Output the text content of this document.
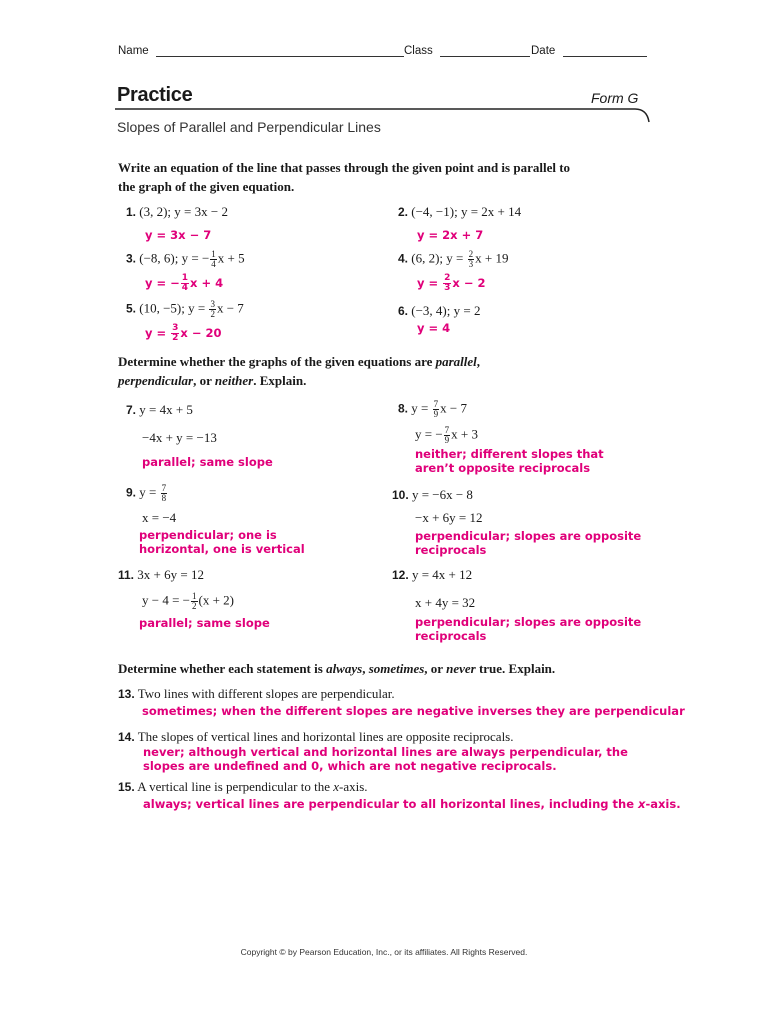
Name	Class	Date
Practice	Form G
Slopes of Parallel and Perpendicular Lines
Write an equation of the line that passes through the given point and is parallel to the graph of the given equation.
1. (3, 2); y = 3x − 2
y = 3x − 7
2. (−4, −1); y = 2x + 14
y = 2x + 7
3. (−8, 6); y = − $\frac{1}{4}$ x + 5
y = − $\frac{1}{4}$ x + 4
4. (6, 2); $y = \frac{2}{3}$ x + 19
$y = \frac{2}{3}$ x − 2
5. (10, −5); $y = \frac{3}{2}$ x − 7
$y = \frac{3}{2}$ x − 20
6. (−3, 4); y = 2
y = 4
Determine whether the graphs of the given equations are parallel,
perpendicular, or neither. Explain.
7. y = 4x + 5
−4x + y = −13
parallel; same slope
8. $y = \frac{7}{9}$ x − 7
y = − $\frac{7}{9}$ x + 3
neither; different slopes that aren’t opposite reciprocals
9. $y = \frac{7}{8}$
x = −4
perpendicular; one is horizontal, one is vertical
10. y = −6x − 8
−x + 6y = 12
perpendicular; slopes are opposite reciprocals
11. 3x + 6y = 12
y − 4 = − $\frac{1}{2} (x + 2)$
parallel; same slope
12. y = 4x + 12
x + 4y = 32
perpendicular; slopes are opposite reciprocals
Determine whether each statement is always, sometimes, or never true. Explain.
13. Two lines with different slopes are perpendicular.
sometimes; when the different slopes are negative inverses they are perpendicular
14. The slopes of vertical lines and horizontal lines are opposite reciprocals.
never; although vertical and horizontal lines are always perpendicular, the slopes are undefined and 0, which are not negative reciprocals.
15. A vertical line is perpendicular to the x-axis.
always; vertical lines are perpendicular to all horizontal lines, including the x-axis.
Copyright © by Pearson Education, Inc., or its affiliates. All Rights Reserved.
